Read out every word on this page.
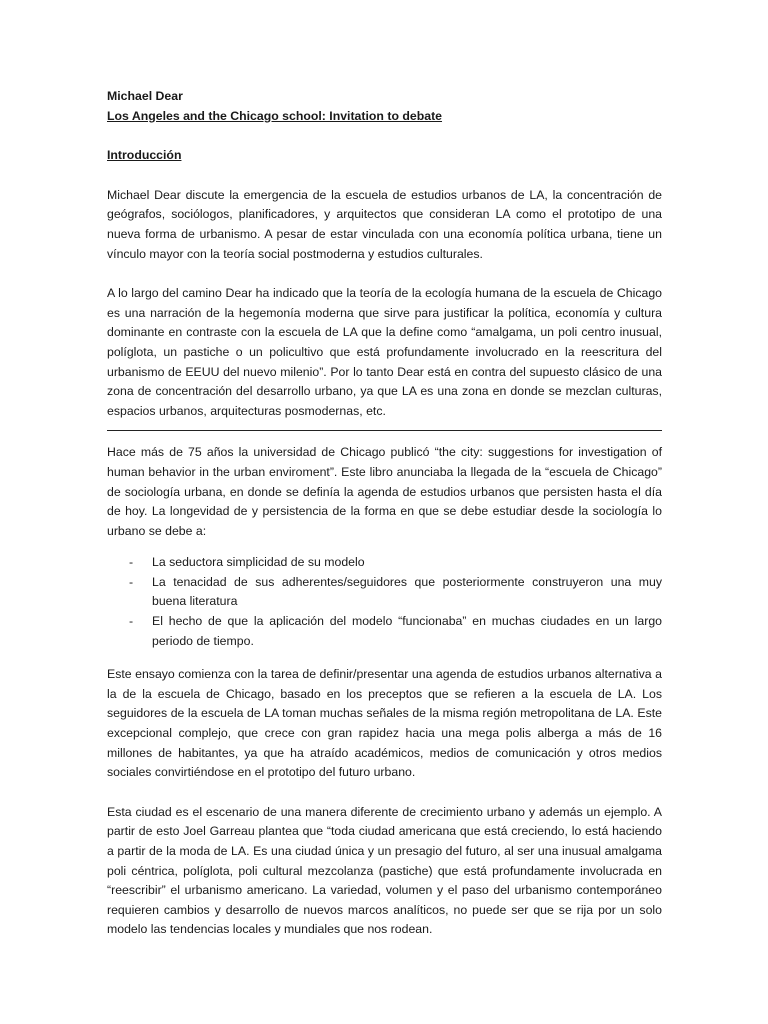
Michael Dear
Los Angeles and the Chicago school: Invitation to debate
Introducción

Michael Dear discute la emergencia de la escuela de estudios urbanos de LA, la concentración de geógrafos, sociólogos, planificadores, y arquitectos que consideran LA como el prototipo de una nueva forma de urbanismo. A pesar de estar vinculada con una economía política urbana, tiene un vínculo mayor con la teoría social postmoderna y estudios culturales.

A lo largo del camino Dear ha indicado que la teoría de la ecología humana de la escuela de Chicago es una narración de la hegemonía moderna que sirve para justificar la política, economía y cultura dominante en contraste con la escuela de LA que la define como “amalgama, un poli centro inusual, políglota, un pastiche o un policultivo que está profundamente involucrado en la reescritura del urbanismo de EEUU del nuevo milenio”. Por lo tanto Dear está en contra del supuesto clásico de una zona de concentración del desarrollo urbano, ya que LA es una zona en donde se mezclan culturas, espacios urbanos, arquitecturas posmodernas, etc.

Hace más de 75 años la universidad de Chicago publicó “the city: suggestions for investigation of human behavior in the urban enviroment”. Este libro anunciaba la llegada de la “escuela de Chicago” de sociología urbana, en donde se definía la agenda de estudios urbanos que persisten hasta el día de hoy. La longevidad de y persistencia de la forma en que se debe estudiar desde la sociología lo urbano se debe a:

- La seductora simplicidad de su modelo
- La tenacidad de sus adherentes/seguidores que posteriormente construyeron una muy buena literatura
- El hecho de que la aplicación del modelo “funcionaba” en muchas ciudades en un largo periodo de tiempo.

Este ensayo comienza con la tarea de definir/presentar una agenda de estudios urbanos alternativa a la de la escuela de Chicago, basado en los preceptos que se refieren a la escuela de LA. Los seguidores de la escuela de LA toman muchas señales de la misma región metropolitana de LA. Este excepcional complejo, que crece con gran rapidez hacia una mega polis alberga a más de 16 millones de habitantes, ya que ha atraído académicos, medios de comunicación y otros medios sociales convirtiéndose en el prototipo del futuro urbano.

Esta ciudad es el escenario de una manera diferente de crecimiento urbano y además un ejemplo. A partir de esto Joel Garreau plantea que “toda ciudad americana que está creciendo, lo está haciendo a partir de la moda de LA. Es una ciudad única y un presagio del futuro, al ser una inusual amalgama poli céntrica, políglota, poli cultural mezcolanza (pastiche) que está profundamente involucrada en “reescribir” el urbanismo americano. La variedad, volumen y el paso del urbanismo contemporáneo requieren cambios y desarrollo de nuevos marcos analíticos, no puede ser que se rija por un solo modelo las tendencias locales y mundiales que nos rodean.
